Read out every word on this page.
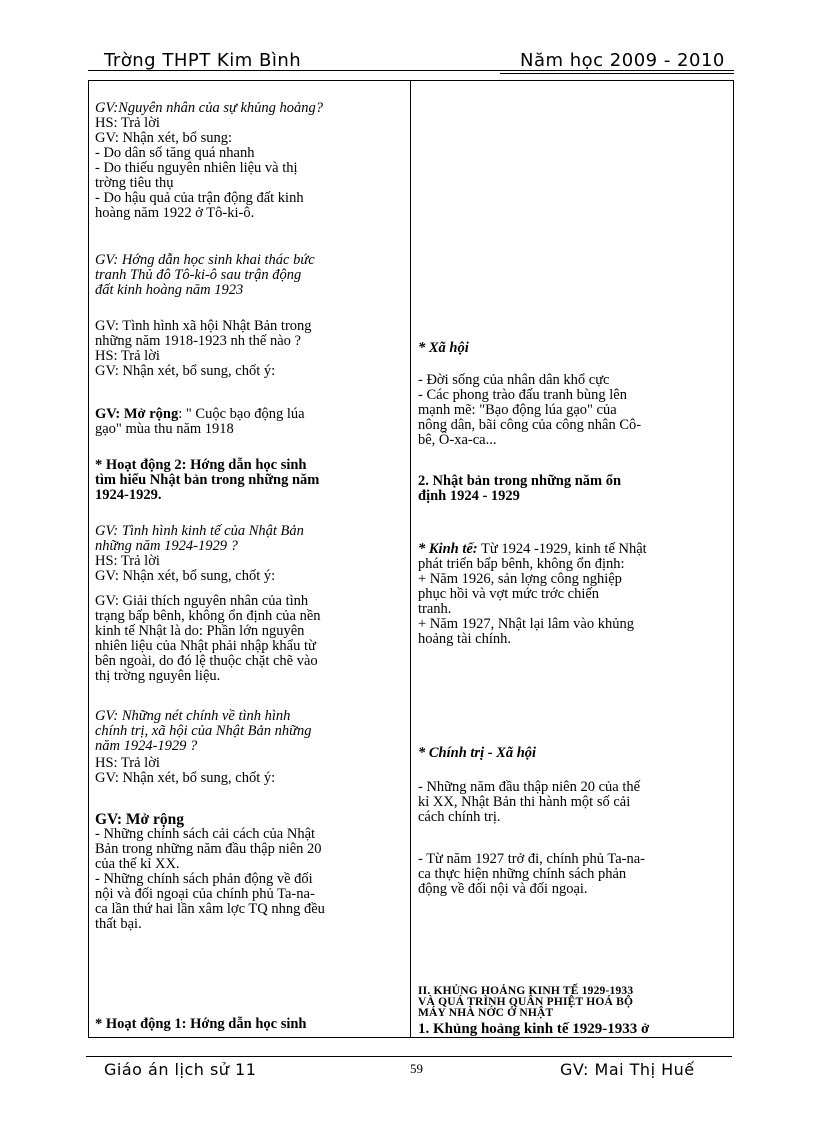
Trờng THPT Kim Bình	Năm học 2009 - 2010
GV:Nguyên nhân của sự khủng hoảng?
HS: Trả lời
GV: Nhận xét, bổ sung:
- Do dân số tăng quá nhanh
- Do thiếu nguyên nhiên liệu và thị
trờng tiêu thụ
- Do hậu quả của trận động đất kinh
hoàng năm 1922 ở Tô-ki-ô.
GV: Hớng dẫn học sinh khai thác bức
tranh Thủ đô Tô-ki-ô sau trận động
đất kinh hoàng năm 1923
GV: Tình hình xã hội Nhật Bản trong
những năm 1918-1923 nh thế nào ?
HS: Trả lời
GV: Nhận xét, bổ sung, chốt ý:
GV: Mở rộng: " Cuộc bạo động lúa
gạo" mùa thu năm 1918
* Hoạt động 2: Hớng dẫn học sinh
tìm hiểu Nhật bản trong những năm
1924-1929.
GV: Tình hình kinh tế của Nhật Bản
những năm 1924-1929 ?
HS: Trả lời
GV: Nhận xét, bổ sung, chốt ý:
GV: Giải thích nguyên nhân của tình
trạng bấp bênh, không ổn định của nền
kinh tế Nhật là do: Phần lớn nguyên
nhiên liệu của Nhật phải nhập khẩu từ
bên ngoài, do đó lệ thuộc chặt chẽ vào
thị trờng nguyên liệu.
GV: Những nét chính về tình hình
chính trị, xã hội của Nhật Bản những
năm 1924-1929 ?
HS: Trả lời
GV: Nhận xét, bổ sung, chốt ý:
GV: Mở rộng
- Những chính sách cải cách của Nhật
Bản trong những năm đầu thập niên 20
của thế kỉ XX.
- Những chính sách phản động về đối
nội và đối ngoại của chính phủ Ta-na-
ca lần thứ hai lần xâm lợc TQ nhng đều
thất bại.
* Hoạt động 1: Hớng dẫn học sinh
* Xã hội
- Đời sống của nhân dân khổ cực
- Các phong trào đấu tranh bùng lên
mạnh mẽ: "Bạo động lúa gạo" của
nông dân, bãi công của công nhân Cô-
bê, Ô-xa-ca...
2. Nhật bản trong những năm ổn
định 1924 - 1929
* Kinh tế: Từ 1924 -1929, kinh tế Nhật
phát triển bấp bênh, không ổn định:
+ Năm 1926, sản lợng công nghiệp
phục hồi và vợt mức trớc chiến
tranh.
+ Năm 1927, Nhật lại lâm vào khủng
hoảng tài chính.
* Chính trị - Xã hội
- Những năm đầu thập niên 20 của thế
kỉ XX, Nhật Bản thi hành một số cải
cách chính trị.
- Từ năm 1927 trở đi, chính phủ Ta-na-
ca thực hiện những chính sách phản
động về đối nội và đối ngoại.
II. KHỦNG HOẢNG KINH TẾ 1929-1933
VÀ QUÁ TRÌNH QUÂN PHIỆT HOÁ BỘ
MÁY NHÀ NỚC Ở NHẬT
1. Khủng hoảng kinh tế 1929-1933 ở
Giáo án lịch sử 11	59	GV: Mai Thị Huế
